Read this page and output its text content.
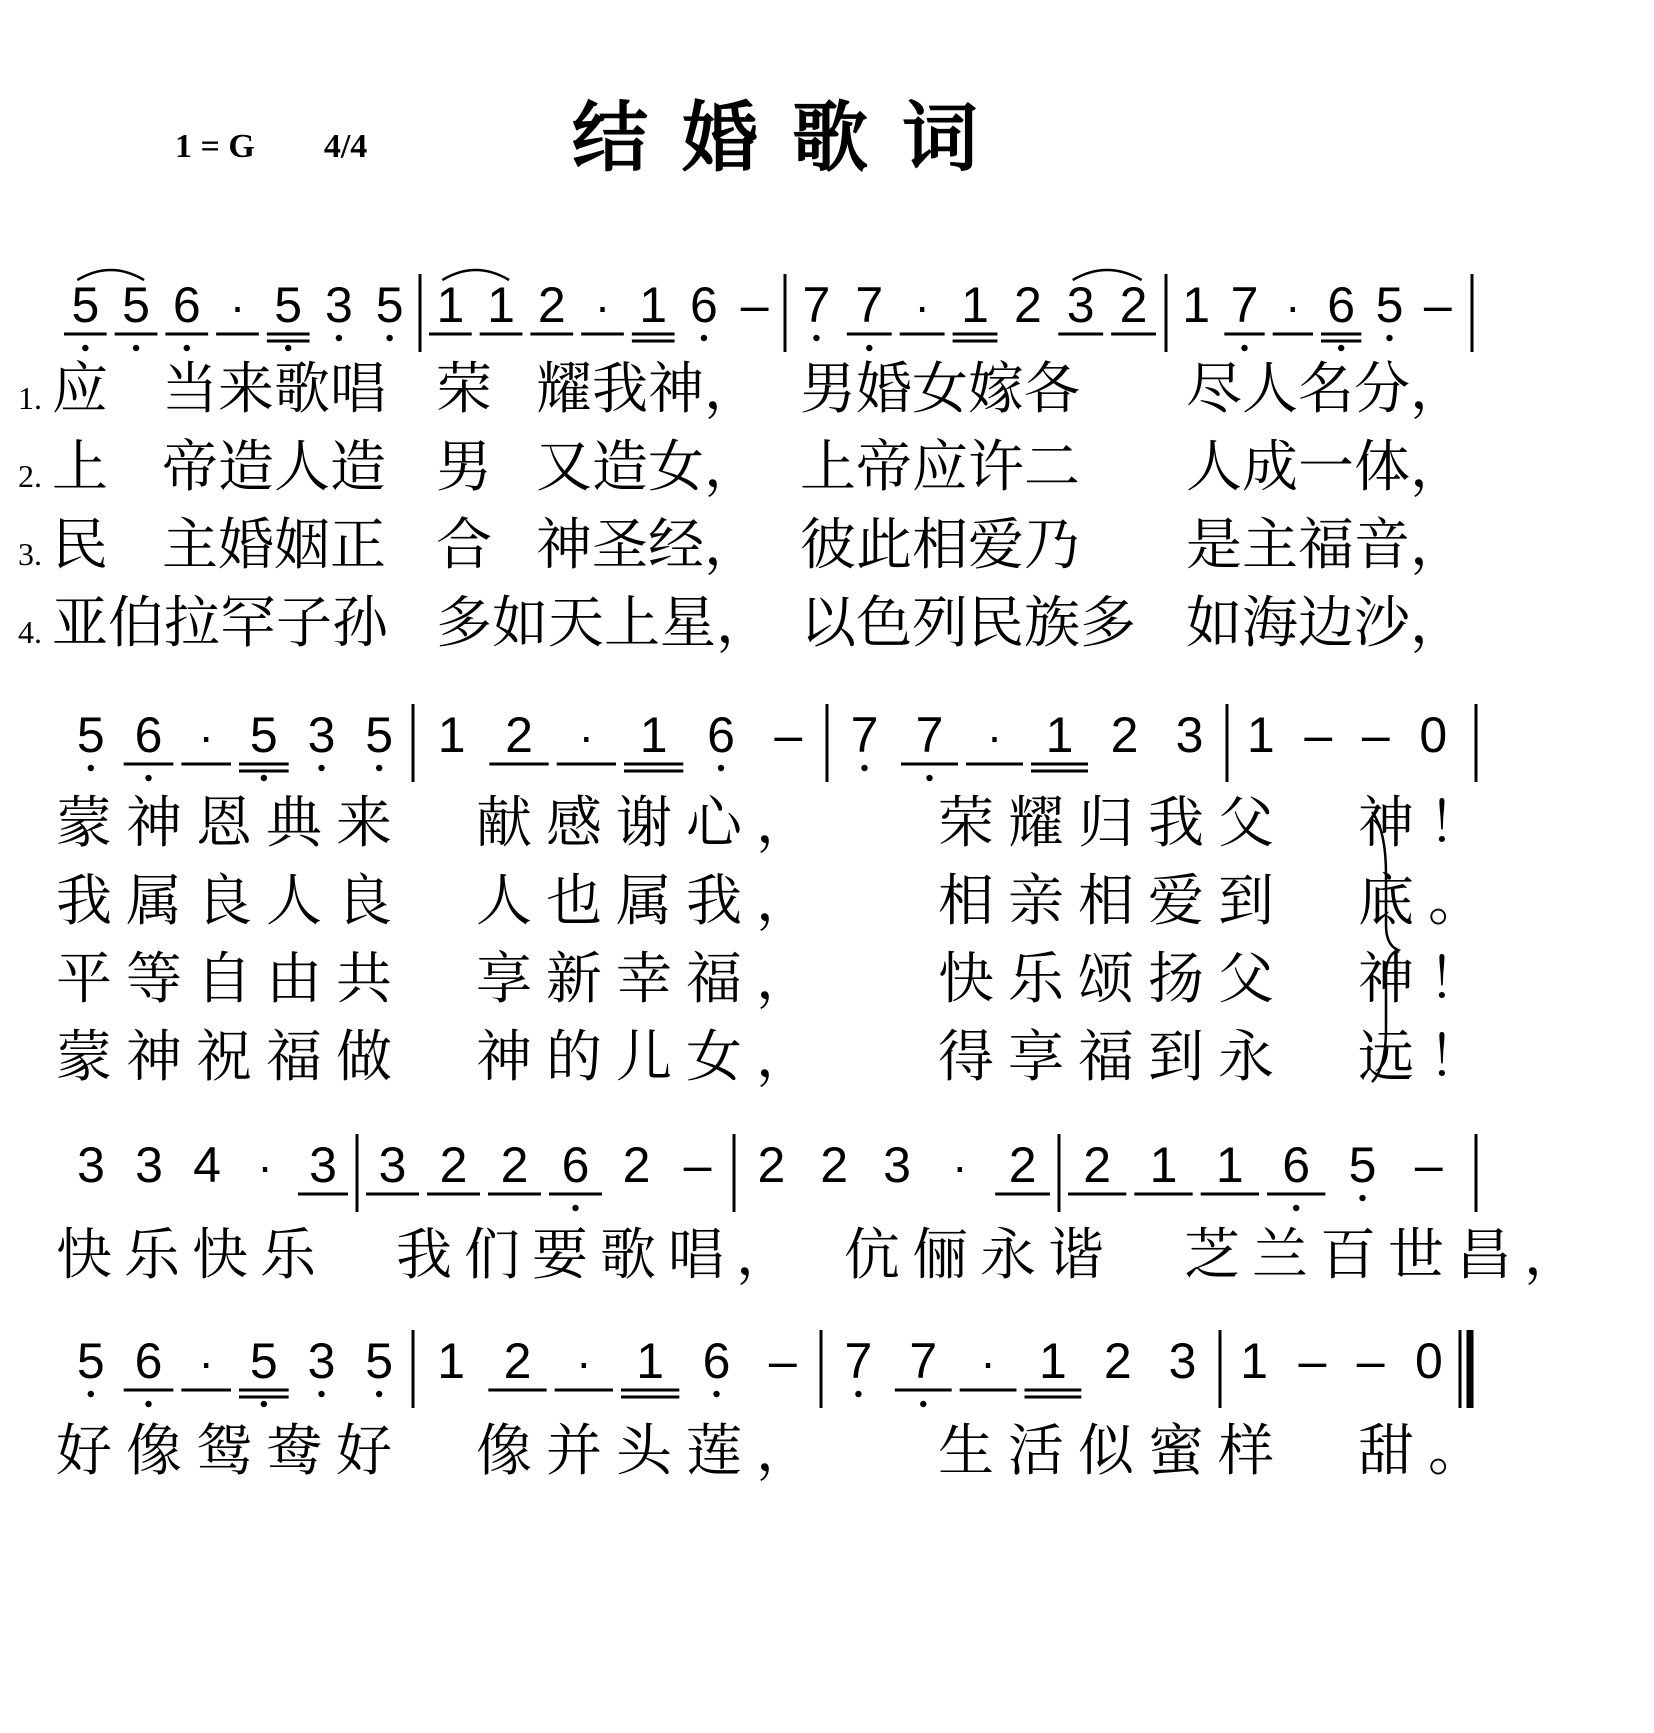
1 = G 4/4	结婚歌词
5 5 6 · 5 3 5 1 1 2 · 1 6 – 7 7 · 1 2 3 2 1 7 · 6 5 –
5 6 · 5 3 5 1 2 · 1 6 – 7 7 · 1 2 3 1 – – 0
3 3 4 · 3 3 2 2 6 2 – 2 2 3 · 2 2 1 1 6 5 –
5 6 · 5 3 5 1 2 · 1 6 – 7 7 · 1 2 3 1 – – 0
1.
2.
3.
4.
应 当来歌唱 荣 耀我神， 男婚女嫁各 尽人名分，
上 帝造人造 男 又造女， 上帝应许二 人成一体，
民 主婚姻正 合 神圣经， 彼此相爱乃 是主福音，
亚伯拉罕子孙 多如天上星， 以色列民族多 如海边沙，
蒙神恩典来　献感谢心，　　荣耀归我父　神！
我属良人良　人也属我，　　相亲相爱到　底。
平等自由共　享新幸福，　　快乐颂扬父　神！
蒙神祝福做　神的儿女，　　得享福到永　远！
快乐快乐　我们要歌唱，　伉俪永谐　芝兰百世昌，
好像鸳鸯好　像并头莲，　　生活似蜜样　甜。
